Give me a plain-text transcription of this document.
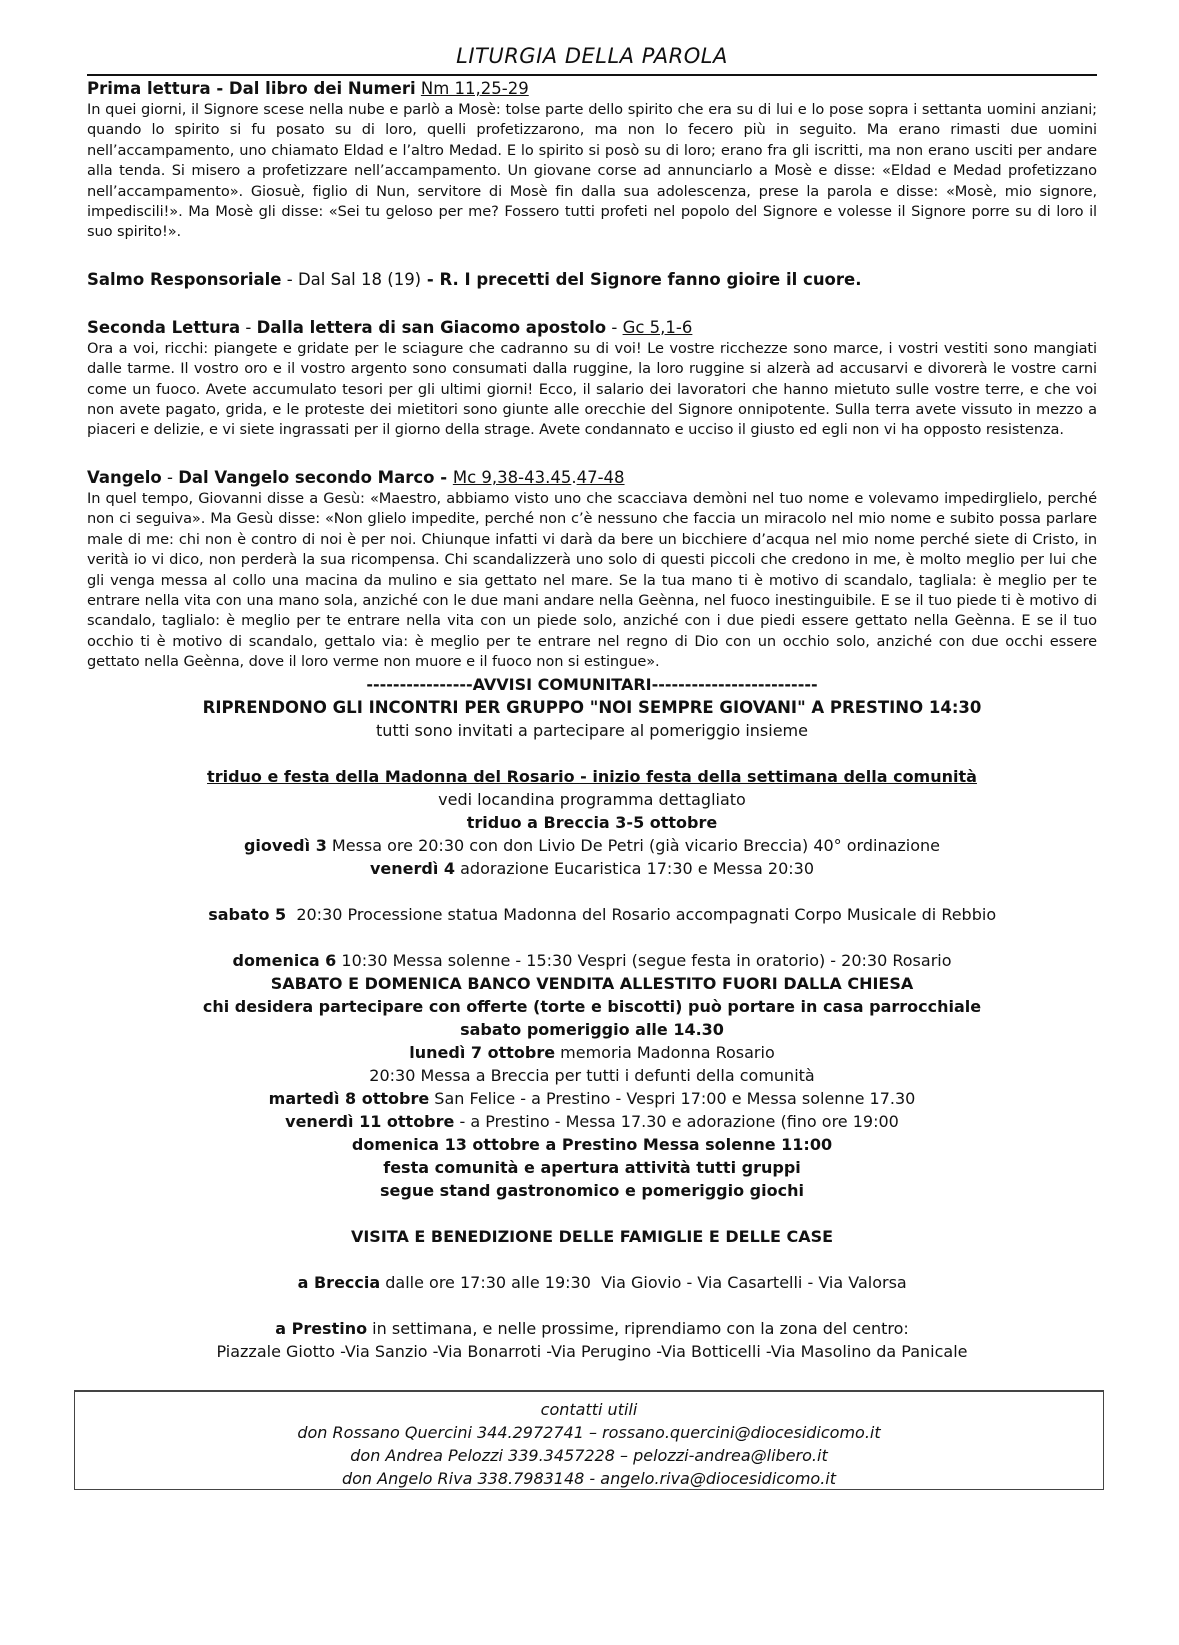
LITURGIA DELLA PAROLA
Prima lettura - Dal libro dei Numeri Nm 11,25-29
In quei giorni, il Signore scese nella nube e parlò a Mosè: tolse parte dello spirito che era su di lui e lo pose sopra i settanta uomini anziani; quando lo spirito si fu posato su di loro, quelli profetizzarono, ma non lo fecero più in seguito. Ma erano rimasti due uomini nell’accampamento, uno chiamato Eldad e l’altro Medad. E lo spirito si posò su di loro; erano fra gli iscritti, ma non erano usciti per andare alla tenda. Si misero a profetizzare nell’accampamento. Un giovane corse ad annunciarlo a Mosè e disse: «Eldad e Medad profetizzano nell’accampamento». Giosuè, figlio di Nun, servitore di Mosè fin dalla sua adolescenza, prese la parola e disse: «Mosè, mio signore, impediscili!». Ma Mosè gli disse: «Sei tu geloso per me? Fossero tutti profeti nel popolo del Signore e volesse il Signore porre su di loro il suo spirito!».
Salmo Responsoriale - Dal Sal 18 (19) - R. I precetti del Signore fanno gioire il cuore.
Seconda Lettura - Dalla lettera di san Giacomo apostolo - Gc 5,1-6
Ora a voi, ricchi: piangete e gridate per le sciagure che cadranno su di voi! Le vostre ricchezze sono marce, i vostri vestiti sono mangiati dalle tarme. Il vostro oro e il vostro argento sono consumati dalla ruggine, la loro ruggine si alzerà ad accusarvi e divorerà le vostre carni come un fuoco. Avete accumulato tesori per gli ultimi giorni! Ecco, il salario dei lavoratori che hanno mietuto sulle vostre terre, e che voi non avete pagato, grida, e le proteste dei mietitori sono giunte alle orecchie del Signore onnipotente. Sulla terra avete vissuto in mezzo a piaceri e delizie, e vi siete ingrassati per il giorno della strage. Avete condannato e ucciso il giusto ed egli non vi ha opposto resistenza.
Vangelo - Dal Vangelo secondo Marco - Mc 9,38-43.45.47-48
In quel tempo, Giovanni disse a Gesù: «Maestro, abbiamo visto uno che scacciava demòni nel tuo nome e volevamo impedirglielo, perché non ci seguiva». Ma Gesù disse: «Non glielo impedite, perché non c’è nessuno che faccia un miracolo nel mio nome e subito possa parlare male di me: chi non è contro di noi è per noi. Chiunque infatti vi darà da bere un bicchiere d’acqua nel mio nome perché siete di Cristo, in verità io vi dico, non perderà la sua ricompensa. Chi scandalizzerà uno solo di questi piccoli che credono in me, è molto meglio per lui che gli venga messa al collo una macina da mulino e sia gettato nel mare. Se la tua mano ti è motivo di scandalo, tagliala: è meglio per te entrare nella vita con una mano sola, anziché con le due mani andare nella Geènna, nel fuoco inestinguibile. E se il tuo piede ti è motivo di scandalo, taglialo: è meglio per te entrare nella vita con un piede solo, anziché con i due piedi essere gettato nella Geènna. E se il tuo occhio ti è motivo di scandalo, gettalo via: è meglio per te entrare nel regno di Dio con un occhio solo, anziché con due occhi essere gettato nella Geènna, dove il loro verme non muore e il fuoco non si estingue».
----------------AVVISI COMUNITARI-------------------------
RIPRENDONO GLI INCONTRI PER GRUPPO "NOI SEMPRE GIOVANI" A PRESTINO 14:30
tutti sono invitati a partecipare al pomeriggio insieme
triduo e festa della Madonna del Rosario - inizio festa della settimana della comunità
vedi locandina programma dettagliato
triduo a Breccia 3-5 ottobre
giovedì 3 Messa ore 20:30 con don Livio De Petri (già vicario Breccia) 40° ordinazione
venerdì 4 adorazione Eucaristica 17:30 e Messa 20:30

sabato 5  20:30 Processione statua Madonna del Rosario accompagnati Corpo Musicale di Rebbio

domenica 6 10:30 Messa solenne - 15:30 Vespri (segue festa in oratorio) - 20:30 Rosario
SABATO E DOMENICA BANCO VENDITA ALLESTITO FUORI DALLA CHIESA
chi desidera partecipare con offerte (torte e biscotti) può portare in casa parrocchiale
sabato pomeriggio alle 14.30
lunedì 7 ottobre memoria Madonna Rosario
20:30 Messa a Breccia per tutti i defunti della comunità
martedì 8 ottobre San Felice - a Prestino - Vespri 17:00 e Messa solenne 17.30
venerdì 11 ottobre - a Prestino - Messa 17.30 e adorazione (fino ore 19:00
domenica 13 ottobre a Prestino Messa solenne 11:00
festa comunità e apertura attività tutti gruppi
segue stand gastronomico e pomeriggio giochi
VISITA E BENEDIZIONE DELLE FAMIGLIE E DELLE CASE

a Breccia dalle ore 17:30 alle 19:30  Via Giovio - Via Casartelli - Via Valorsa

a Prestino in settimana, e nelle prossime, riprendiamo con la zona del centro:
Piazzale Giotto -Via Sanzio -Via Bonarroti -Via Perugino -Via Botticelli -Via Masolino da Panicale
contatti utili
don Rossano Quercini 344.2972741 – rossano.quercini@diocesidicomo.it
don Andrea Pelozzi 339.3457228 – pelozzi-andrea@libero.it
don Angelo Riva 338.7983148 - angelo.riva@diocesidicomo.it
